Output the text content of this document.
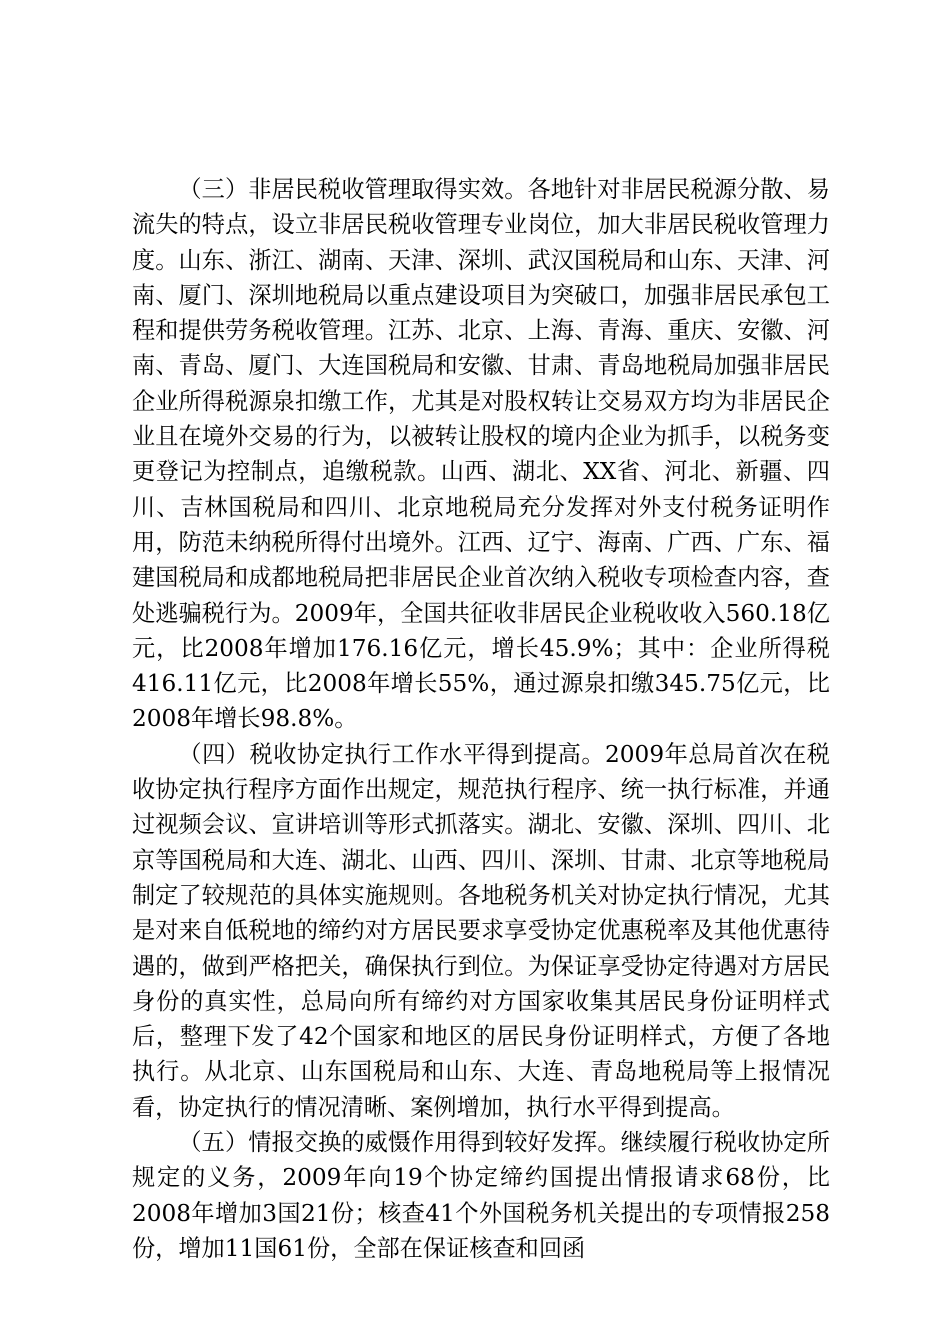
（三）非居民税收管理取得实效。各地针对非居民税源分散、易流失的特点，设立非居民税收管理专业岗位，加大非居民税收管理力度。山东、浙江、湖南、天津、深圳、武汉国税局和山东、天津、河南、厦门、深圳地税局以重点建设项目为突破口，加强非居民承包工程和提供劳务税收管理。江苏、北京、上海、青海、重庆、安徽、河南、青岛、厦门、大连国税局和安徽、甘肃、青岛地税局加强非居民企业所得税源泉扣缴工作，尤其是对股权转让交易双方均为非居民企业且在境外交易的行为，以被转让股权的境内企业为抓手，以税务变更登记为控制点，追缴税款。山西、湖北、XX省、河北、新疆、四川、吉林国税局和四川、北京地税局充分发挥对外支付税务证明作用，防范未纳税所得付出境外。江西、辽宁、海南、广西、广东、福建国税局和成都地税局把非居民企业首次纳入税收专项检查内容，查处逃骗税行为。2009年，全国共征收非居民企业税收收入560.18亿元，比2008年增加176.16亿元，增长45.9%；其中：企业所得税416.11亿元，比2008年增长55%，通过源泉扣缴345.75亿元，比2008年增长98.8%。

（四）税收协定执行工作水平得到提高。2009年总局首次在税收协定执行程序方面作出规定，规范执行程序、统一执行标准，并通过视频会议、宣讲培训等形式抓落实。湖北、安徽、深圳、四川、北京等国税局和大连、湖北、山西、四川、深圳、甘肃、北京等地税局制定了较规范的具体实施规则。各地税务机关对协定执行情况，尤其是对来自低税地的缔约对方居民要求享受协定优惠税率及其他优惠待遇的，做到严格把关，确保执行到位。为保证享受协定待遇对方居民身份的真实性，总局向所有缔约对方国家收集其居民身份证明样式后，整理下发了42个国家和地区的居民身份证明样式，方便了各地执行。从北京、山东国税局和山东、大连、青岛地税局等上报情况看，协定执行的情况清晰、案例增加，执行水平得到提高。

（五）情报交换的威慑作用得到较好发挥。继续履行税收协定所规定的义务，2009年向19个协定缔约国提出情报请求68份，比2008年增加3国21份；核查41个外国税务机关提出的专项情报258份，增加11国61份，全部在保证核查和回函
